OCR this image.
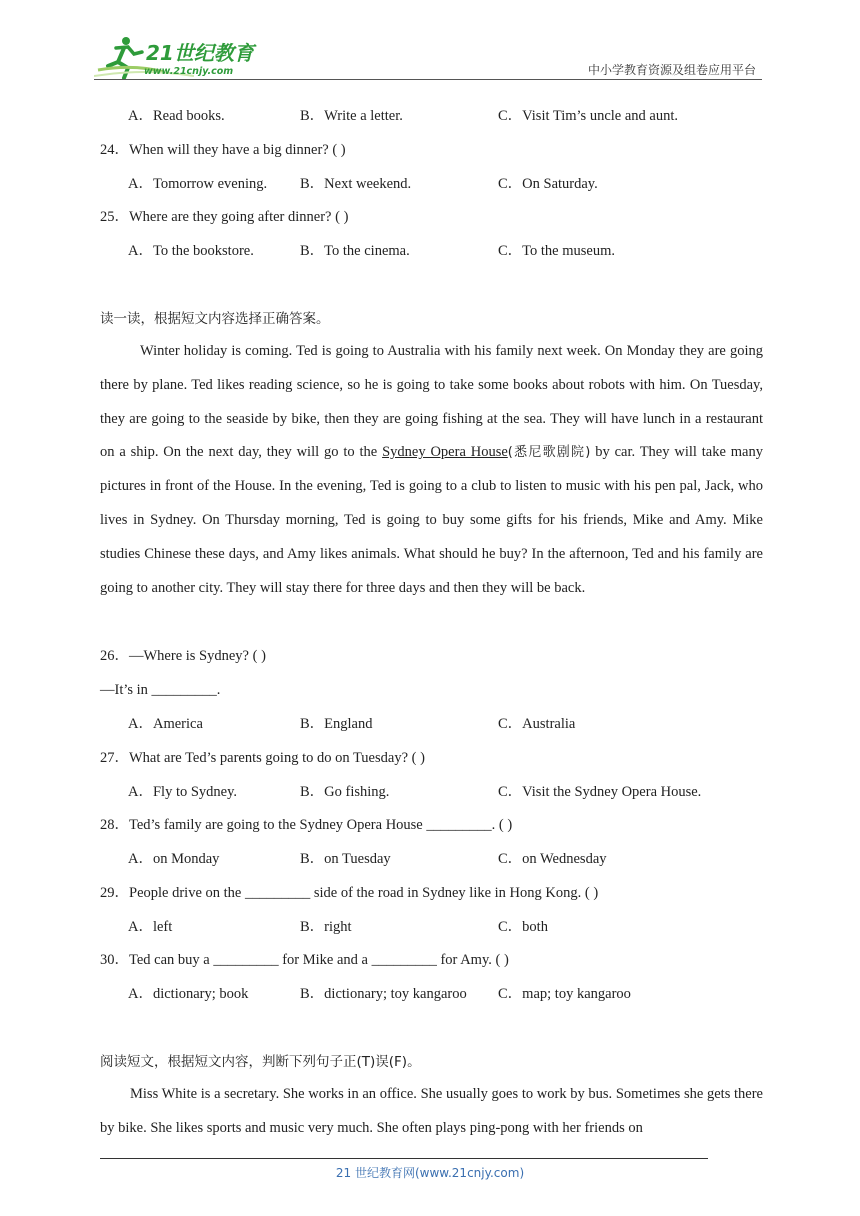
21世纪教育
www.21cnjy.com	中小学教育资源及组卷应用平台
A．Read books.	B．Write a letter.	C．Visit Tim’s uncle and aunt.
24．When will they have a big dinner? ( )
A．Tomorrow evening. B．Next weekend.	C．On Saturday.
25．Where are they going after dinner? ( )
A．To the bookstore.	B．To the cinema.	C．To the museum.
读一读，根据短文内容选择正确答案。
Winter holiday is coming. Ted is going to Australia with his family next week. On Monday they are going there by plane. Ted likes reading science, so he is going to take some books about robots with him. On Tuesday, they are going to the seaside by bike, then they are going fishing at the sea. They will have lunch in a restaurant on a ship. On the next day, they will go to the Sydney Opera House(悉尼歌剧院) by car. They will take many pictures in front of the House. In the evening, Ted is going to a club to listen to music with his pen pal, Jack, who lives in Sydney. On Thursday morning, Ted is going to buy some gifts for his friends, Mike and Amy. Mike studies Chinese these days, and Amy likes animals. What should he buy? In the afternoon, Ted and his family are going to another city. They will stay there for three days and then they will be back.
26．—Where is Sydney? ( )
—It’s in _________.
A．America	B．England	C．Australia
27．What are Ted’s parents going to do on Tuesday? ( )
A．Fly to Sydney.	B．Go fishing.	C．Visit the Sydney Opera House.
28．Ted’s family are going to the Sydney Opera House _________. ( )
A．on Monday	B．on Tuesday	C．on Wednesday
29．People drive on the _________ side of the road in Sydney like in Hong Kong. ( )
A．left	B．right	C．both
30．Ted can buy a _________ for Mike and a _________ for Amy. ( )
A．dictionary; book	B．dictionary; toy kangaroo C．map; toy kangaroo
阅读短文，根据短文内容，判断下列句子正(T)误(F)。
Miss White is a secretary. She works in an office. She usually goes to work by bus. Sometimes she gets there by bike. She likes sports and music very much. She often plays ping-pong with her friends on
21 世纪教育网(www.21cnjy.com)
